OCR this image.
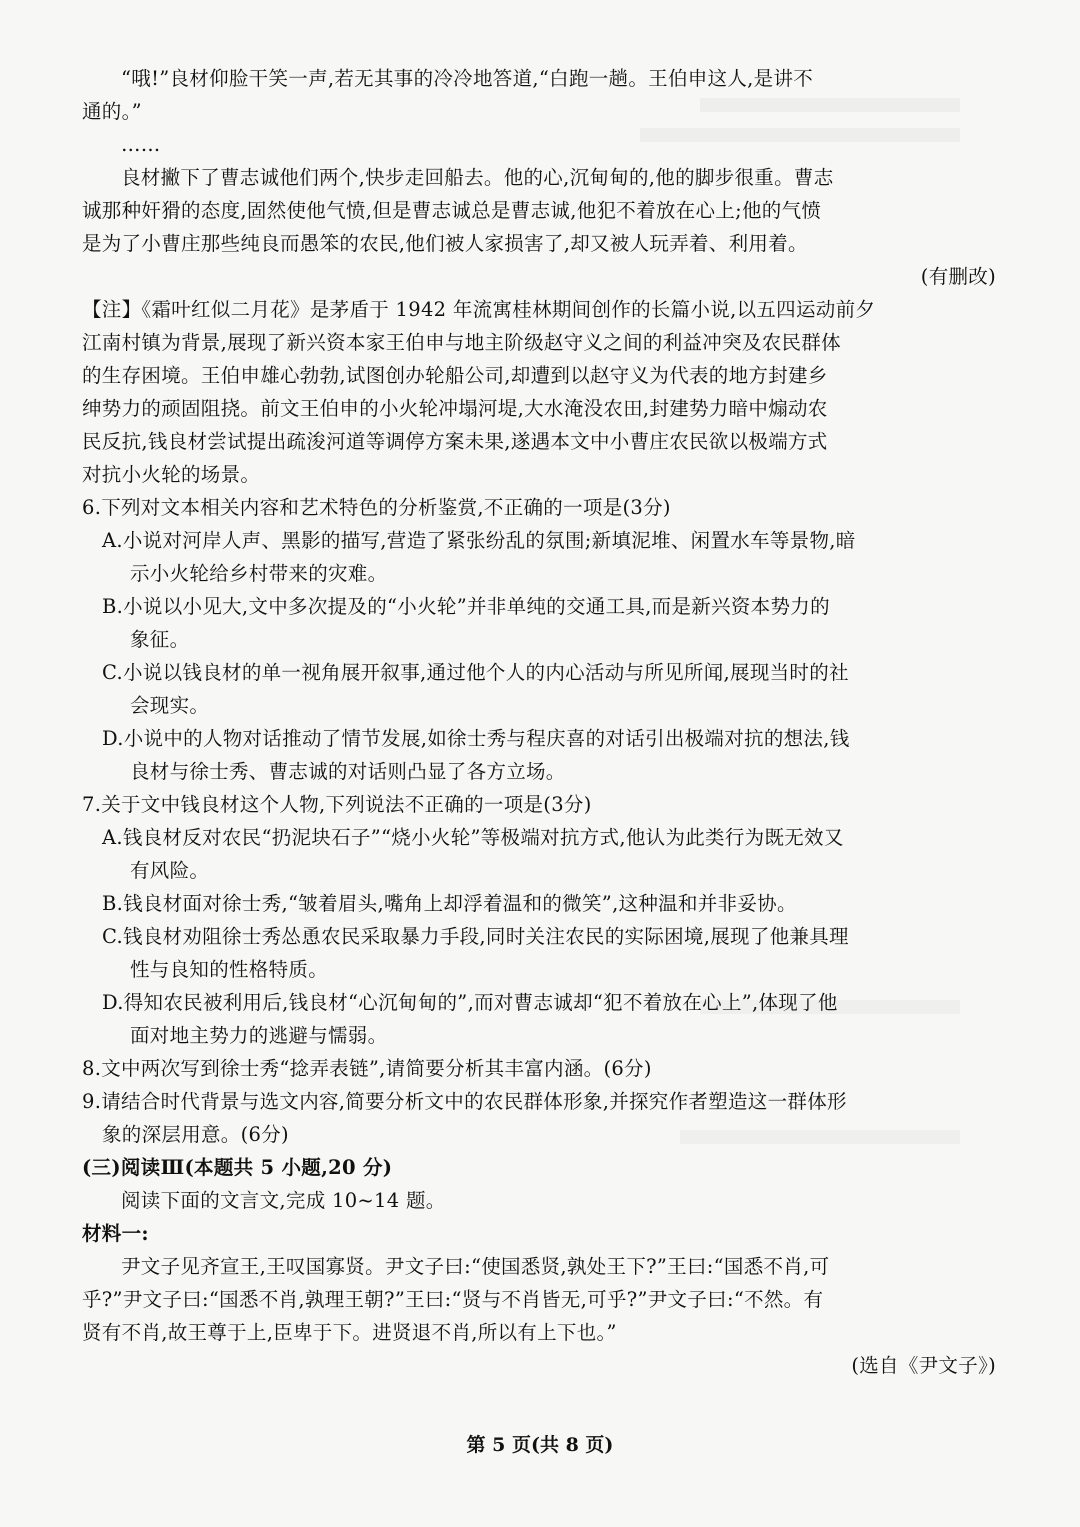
“哦!”良材仰脸干笑一声,若无其事的冷冷地答道,“白跑一趟。王伯申这人,是讲不
通的。”
……
良材撇下了曹志诚他们两个,快步走回船去。他的心,沉甸甸的,他的脚步很重。曹志
诚那种奸猾的态度,固然使他气愤,但是曹志诚总是曹志诚,他犯不着放在心上;他的气愤
是为了小曹庄那些纯良而愚笨的农民,他们被人家损害了,却又被人玩弄着、利用着。
(有删改)
【注】《霜叶红似二月花》是茅盾于 1942 年流寓桂林期间创作的长篇小说,以五四运动前夕
江南村镇为背景,展现了新兴资本家王伯申与地主阶级赵守义之间的利益冲突及农民群体
的生存困境。王伯申雄心勃勃,试图创办轮船公司,却遭到以赵守义为代表的地方封建乡
绅势力的顽固阻挠。前文王伯申的小火轮冲塌河堤,大水淹没农田,封建势力暗中煽动农
民反抗,钱良材尝试提出疏浚河道等调停方案未果,遂遇本文中小曹庄农民欲以极端方式
对抗小火轮的场景。
6.下列对文本相关内容和艺术特色的分析鉴赏,不正确的一项是(3分)
A.小说对河岸人声、黑影的描写,营造了紧张纷乱的氛围;新填泥堆、闲置水车等景物,暗
示小火轮给乡村带来的灾难。
B.小说以小见大,文中多次提及的“小火轮”并非单纯的交通工具,而是新兴资本势力的
象征。
C.小说以钱良材的单一视角展开叙事,通过他个人的内心活动与所见所闻,展现当时的社
会现实。
D.小说中的人物对话推动了情节发展,如徐士秀与程庆喜的对话引出极端对抗的想法,钱
良材与徐士秀、曹志诚的对话则凸显了各方立场。
7.关于文中钱良材这个人物,下列说法不正确的一项是(3分)
A.钱良材反对农民“扔泥块石子”“烧小火轮”等极端对抗方式,他认为此类行为既无效又
有风险。
B.钱良材面对徐士秀,“皱着眉头,嘴角上却浮着温和的微笑”,这种温和并非妥协。
C.钱良材劝阻徐士秀怂恿农民采取暴力手段,同时关注农民的实际困境,展现了他兼具理
性与良知的性格特质。
D.得知农民被利用后,钱良材“心沉甸甸的”,而对曹志诚却“犯不着放在心上”,体现了他
面对地主势力的逃避与懦弱。
8.文中两次写到徐士秀“捻弄表链”,请简要分析其丰富内涵。(6分)
9.请结合时代背景与选文内容,简要分析文中的农民群体形象,并探究作者塑造这一群体形
象的深层用意。(6分)
(三)阅读Ⅲ(本题共 5 小题,20 分)
阅读下面的文言文,完成 10~14 题。
材料一:
尹文子见齐宣王,王叹国寡贤。尹文子曰:“使国悉贤,孰处王下?”王曰:“国悉不肖,可
乎?”尹文子曰:“国悉不肖,孰理王朝?”王曰:“贤与不肖皆无,可乎?”尹文子曰:“不然。有
贤有不肖,故王尊于上,臣卑于下。进贤退不肖,所以有上下也。”
(选自《尹文子》)
第 5 页(共 8 页)
